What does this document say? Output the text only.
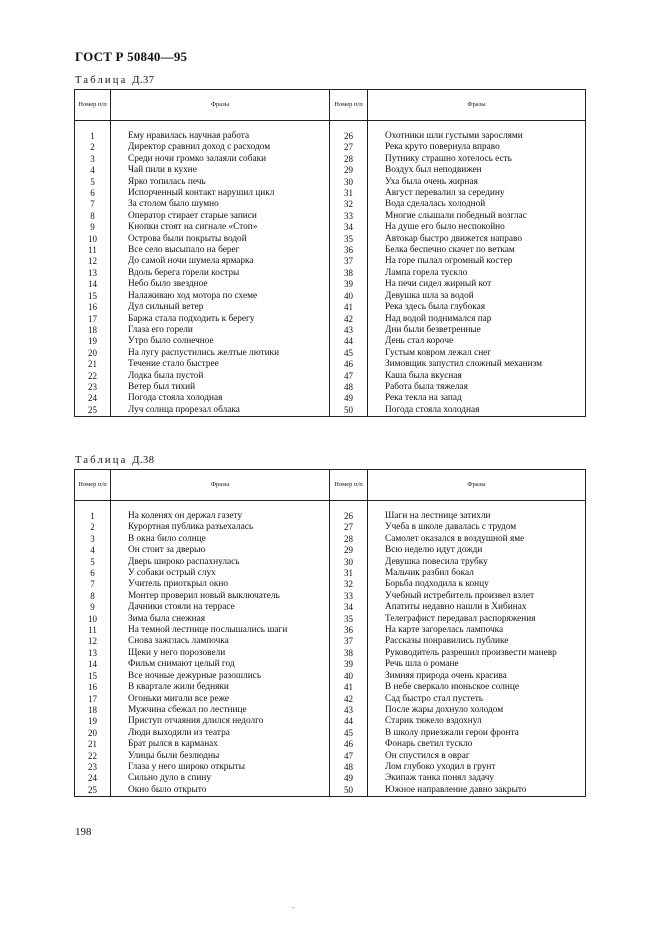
ГОСТ Р 50840—95
Таблица Д.37
Номер п/п	Фразы	Номер п/п	Фразы

1	Ему нравилась научная работа	26	Охотники шли густыми зарослями
2	Директор сравнил доход с расходом	27	Река круто повернула вправо
3	Среди ночи громко залаяли собаки	28	Путнику страшно хотелось есть
4	Чай пили в кухне	29	Воздух был неподвижен
5	Ярко топилась печь	30	Уха была очень жирная
6	Испорченный контакт нарушил цикл	31	Август перевалил за середину
7	За столом было шумно	32	Вода сделалась холодной
8	Оператор стирает старые записи	33	Многие слышали победный возглас
9	Кнопки стоят на сигнале «Стоп»	34	На душе его было неспокойно
10	Острова были покрыты водой	35	Автокар быстро движется направо
11	Все село высыпало на берег	36	Белка беспечно скачет по веткам
12	До самой ночи шумела ярмарка	37	На горе пылал огромный костер
13	Вдоль берега горели костры	38	Лампа горела тускло
14	Небо было звездное	39	На печи сидел жирный кот
15	Налаживаю ход мотора по схеме	40	Девушка шла за водой
16	Дул сильный ветер	41	Река здесь была глубокая
17	Баржа стала подходить к берегу	42	Над водой поднимался пар
18	Глаза его горели	43	Дни были безветренные
19	Утро было солнечное	44	День стал короче
20	На лугу распустились желтые лютики	45	Густым ковром лежал снег
21	Течение стало быстрее	46	Зимовщик запустил сложный механизм
22	Лодка была пустой	47	Каша была вкусная
23	Ветер был тихий	48	Работа была тяжелая
24	Погода стояла холодная	49	Река текла на запад
25	Луч солнца прорезал облака	50	Погода стояла холодная
Таблица Д.38
Номер п/п	Фразы	Номер п/п	Фразы

1	На коленях он держал газету	26	Шаги на лестнице затихли
2	Курортная публика разъехалась	27	Учеба в школе давалась с трудом
3	В окна било солнце	28	Самолет оказался в воздушной яме
4	Он стоит за дверью	29	Всю неделю идут дожди
5	Дверь широко распахнулась	30	Девушка повесила трубку
6	У собаки острый слух	31	Мальчик разбил бокал
7	Учитель приоткрыл окно	32	Борьба подходила к концу
8	Монтер проверил новый выключатель	33	Учебный истребитель произвел взлет
9	Дачники стояли на террасе	34	Апатиты недавно нашли в Хибинах
10	Зима была снежная	35	Телеграфист передавал распоряжения
11	На темной лестнице послышались шаги	36	На карте загорелась лампочка
12	Снова зажглась лампочка	37	Рассказы понравились публике
13	Щеки у него порозовели	38	Руководитель разрешил произвести маневр
14	Фильм снимают целый год	39	Речь шла о романе
15	Все ночные дежурные разошлись	40	Зимняя природа очень красива
16	В квартале жили бедняки	41	В небе сверкало июньское солнце
17	Огоньки мигали все реже	42	Сад быстро стал пустеть
18	Мужчина сбежал по лестнице	43	После жары дохнуло холодом
19	Приступ отчаяния длился недолго	44	Старик тяжело вздохнул
20	Люди выходили из театра	45	В школу приезжали герои фронта
21	Брат рылся в карманах	46	Фонарь светил тускло
22	Улицы были безлюдны	47	Он спустился в овраг
23	Глаза у него широко открыты	48	Лом глубоко уходил в грунт
24	Сильно дуло в спину	49	Экипаж танка понял задачу
25	Окно было открыто	50	Южное направление давно закрыто
198
-
